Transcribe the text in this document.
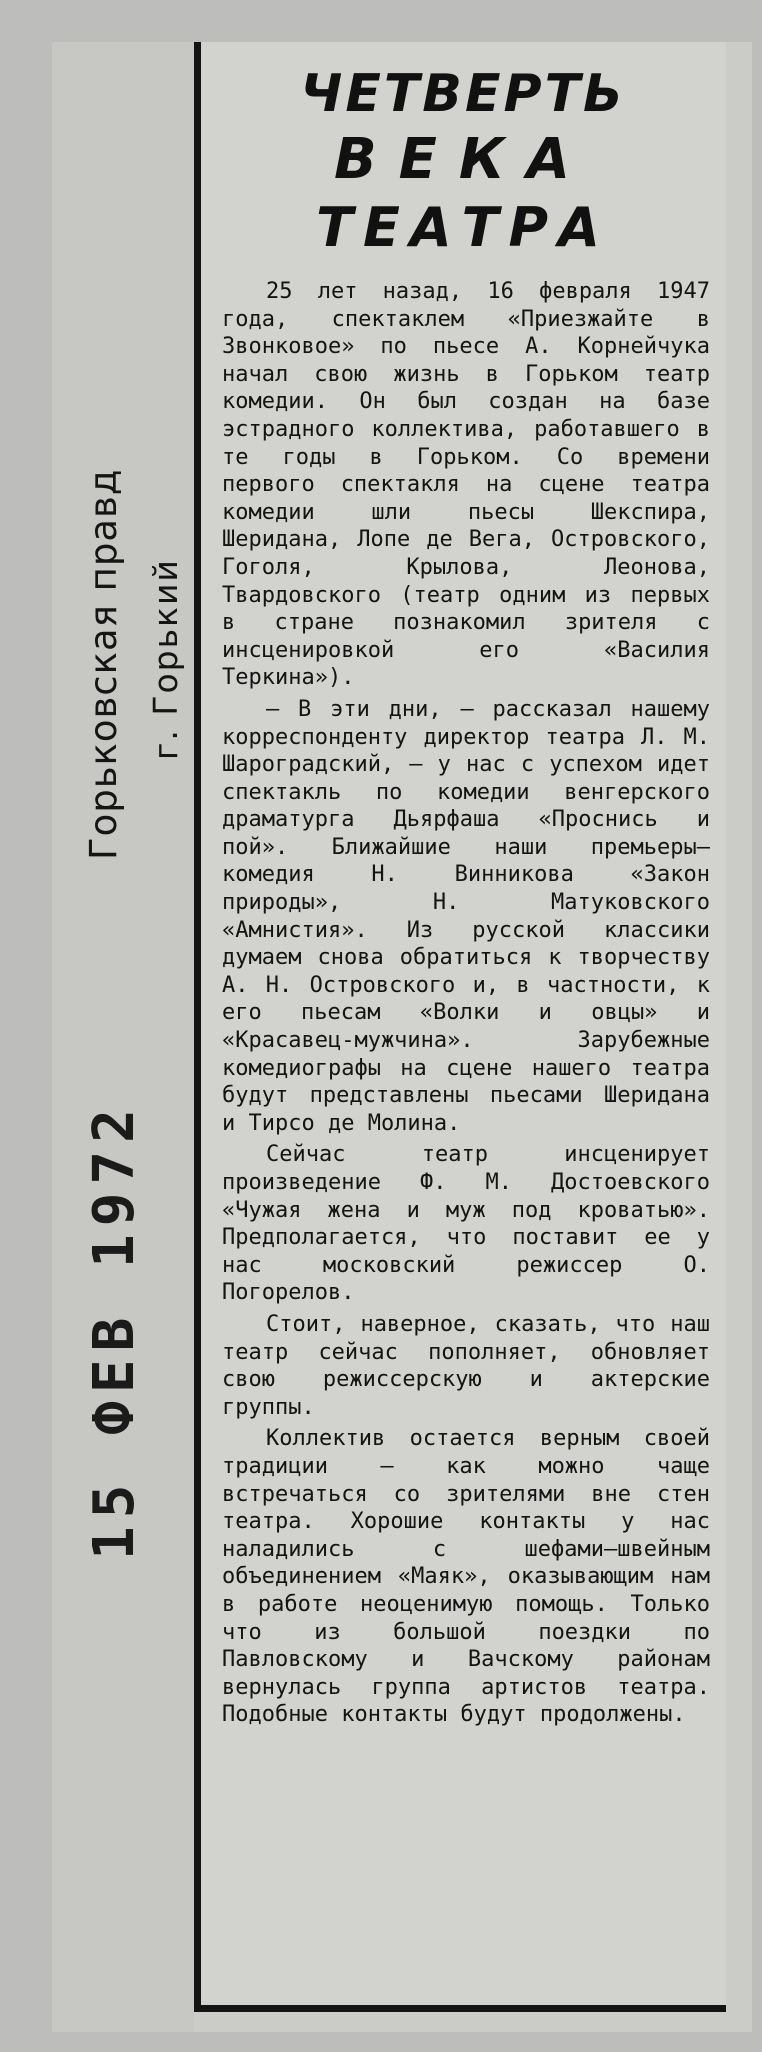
Горьковская правд г. Горький
15 ФЕВ 1972
ЧЕТВЕРТЬ
ВЕКА
ТЕАТРА

25 лет назад, 16 февраля 1947 года, спектаклем «Приезжайте в Звонковое» по пьесе А. Корнейчука начал свою жизнь в Горьком театр комедии. Он был создан на базе эстрадного коллектива, работавшего в те годы в Горьком. Со времени первого спектакля на сцене театра комедии шли пьесы Шекспира, Шеридана, Лопе де Вега, Островского, Гоголя, Крылова, Леонова, Твардовского (театр одним из первых в стране познакомил зрителя с инсценировкой его «Василия Теркина»).

— В эти дни, — рассказал нашему корреспонденту директор театра Л. М. Шароградский, — у нас с успехом идет спектакль по комедии венгерского драматурга Дьярфаша «Проснись и пой». Ближайшие наши премьеры—комедия Н. Винникова «Закон природы», Н. Матуковского «Амнистия». Из русской классики думаем снова обратиться к творчеству А. Н. Островского и, в частности, к его пьесам «Волки и овцы» и «Красавец-мужчина». Зарубежные комедиографы на сцене нашего театра будут представлены пьесами Шеридана и Тирсо де Молина.

Сейчас театр инсценирует произведение Ф. М. Достоевского «Чужая жена и муж под кроватью». Предполагается, что поставит ее у нас московский режиссер О. Погорелов.

Стоит, наверное, сказать, что наш театр сейчас пополняет, обновляет свою режиссерскую и актерские группы.

Коллектив остается верным своей традиции — как можно чаще встречаться со зрителями вне стен театра. Хорошие контакты у нас наладились с шефами—швейным объединением «Маяк», оказывающим нам в работе неоценимую помощь. Только что из большой поездки по Павловскому и Вачскому районам вернулась группа артистов театра. Подобные контакты будут продолжены.
